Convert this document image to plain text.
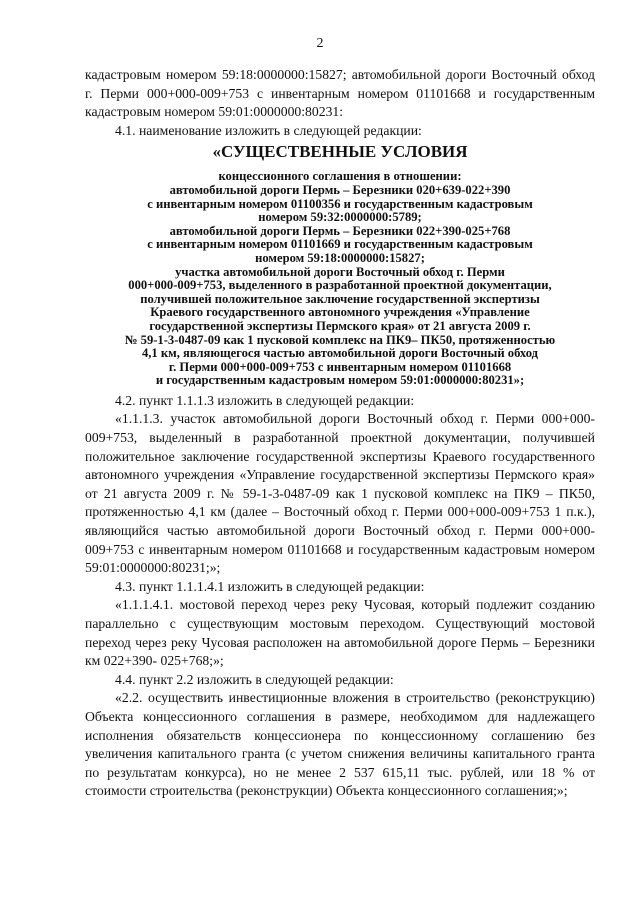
2

кадастровым номером 59:18:0000000:15827; автомобильной дороги Восточный обход г. Перми 000+000-009+753 с инвентарным номером 01101668 и государственным кадастровым номером 59:01:0000000:80231:

4.1. наименование изложить в следующей редакции:

«СУЩЕСТВЕННЫЕ УСЛОВИЯ
концессионного соглашения в отношении:
автомобильной дороги Пермь – Березники 020+639-022+390
с инвентарным номером 01100356 и государственным кадастровым
номером 59:32:0000000:5789;
автомобильной дороги Пермь – Березники 022+390-025+768
с инвентарным номером 01101669 и государственным кадастровым
номером 59:18:0000000:15827;
участка автомобильной дороги Восточный обход г. Перми
000+000-009+753, выделенного в разработанной проектной документации,
получившей положительное заключение государственной экспертизы
Краевого государственного автономного учреждения «Управление
государственной экспертизы Пермского края» от 21 августа 2009 г.
№ 59-1-3-0487-09 как 1 пусковой комплекс на ПК9– ПК50, протяженностью
4,1 км, являющегося частью автомобильной дороги Восточный обход
г. Перми 000+000-009+753 с инвентарным номером 01101668
и государственным кадастровым номером 59:01:0000000:80231»;

4.2. пункт 1.1.1.3 изложить в следующей редакции:

«1.1.1.3. участок автомобильной дороги Восточный обход г. Перми 000+000-009+753, выделенный в разработанной проектной документации, получившей положительное заключение государственной экспертизы Краевого государственного автономного учреждения «Управление государственной экспертизы Пермского края» от 21 августа 2009 г. № 59-1-3-0487-09 как 1 пусковой комплекс на ПК9 – ПК50, протяженностью 4,1 км (далее – Восточный обход г. Перми 000+000-009+753 1 п.к.), являющийся частью автомобильной дороги Восточный обход г. Перми 000+000-009+753 с инвентарным номером 01101668 и государственным кадастровым номером 59:01:0000000:80231;»;

4.3. пункт 1.1.1.4.1 изложить в следующей редакции:

«1.1.1.4.1. мостовой переход через реку Чусовая, который подлежит созданию параллельно с существующим мостовым переходом. Существующий мостовой переход через реку Чусовая расположен на автомобильной дороге Пермь – Березники км 022+390- 025+768;»;

4.4. пункт 2.2 изложить в следующей редакции:

«2.2. осуществить инвестиционные вложения в строительство (реконструкцию) Объекта концессионного соглашения в размере, необходимом для надлежащего исполнения обязательств концессионера по концессионному соглашению без увеличения капитального гранта (с учетом снижения величины капитального гранта по результатам конкурса), но не менее 2 537 615,11 тыс. рублей, или 18 % от стоимости строительства (реконструкции) Объекта концессионного соглашения;»;
